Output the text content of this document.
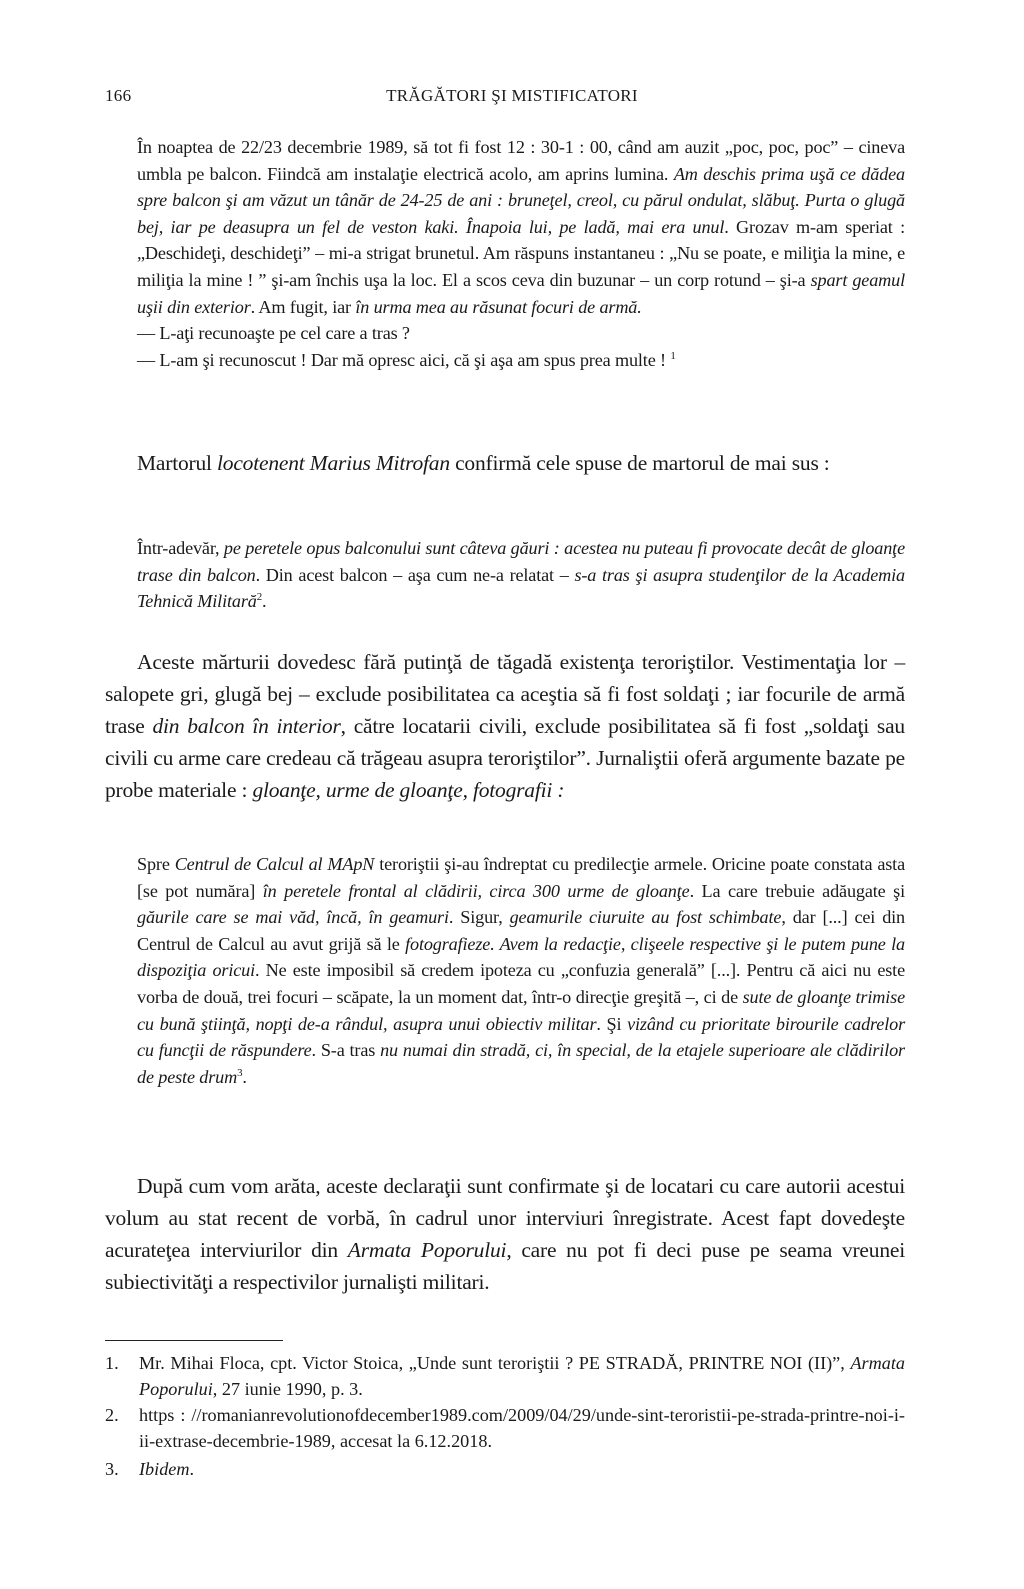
166	TRĂGĂTORI ŞI MISTIFICATORI

În noaptea de 22/23 decembrie 1989, să tot fi fost 12 : 30-1 : 00, când am auzit „poc, poc, poc” – cineva umbla pe balcon. Fiindcă am instalaţie electrică acolo, am aprins lumina. Am deschis prima uşă ce dădea spre balcon şi am văzut un tânăr de 24-25 de ani : bruneţel, creol, cu părul ondulat, slăbuţ. Purta o glugă bej, iar pe deasupra un fel de veston kaki. Înapoia lui, pe ladă, mai era unul. Grozav m-am speriat : „Deschideţi, deschideţi” – mi-a strigat brunetul. Am răspuns instantaneu : „Nu se poate, e miliţia la mine, e miliţia la mine ! ” şi-am închis uşa la loc. El a scos ceva din buzunar – un corp rotund – şi-a spart geamul uşii din exterior. Am fugit, iar în urma mea au răsunat focuri de armă.

— L-aţi recunoaşte pe cel care a tras ?

— L-am şi recunoscut ! Dar mă opresc aici, că şi aşa am spus prea multe ! $^1$

Martorul locotenent Marius Mitrofan confirmă cele spuse de martorul de mai sus :

Într-adevăr, pe peretele opus balconului sunt câteva găuri : acestea nu puteau fi provocate decât de gloanţe trase din balcon. Din acest balcon – aşa cum ne-a relatat – s-a tras şi asupra studenţilor de la Academia Tehnică Militară$^2$.

Aceste mărturii dovedesc fără putinţă de tăgadă existenţa teroriştilor. Vestimentaţia lor – salopete gri, glugă bej – exclude posibilitatea ca aceştia să fi fost soldaţi ; iar focurile de armă trase din balcon în interior, către locatarii civili, exclude posibilitatea să fi fost „soldaţi sau civili cu arme care credeau că trăgeau asupra teroriştilor”. Jurnaliştii oferă argumente bazate pe probe materiale : gloanţe, urme de gloanţe, fotografii :

Spre Centrul de Calcul al MApN teroriştii şi-au îndreptat cu predilecţie armele. Oricine poate constata asta [se pot număra] în peretele frontal al clădirii, circa 300 urme de gloanţe. La care trebuie adăugate şi găurile care se mai văd, încă, în geamuri. Sigur, geamurile ciuruite au fost schimbate, dar [...] cei din Centrul de Calcul au avut grijă să le fotografieze. Avem la redacţie, clişeele respective şi le putem pune la dispoziţia oricui. Ne este imposibil să credem ipoteza cu „confuzia generală” [...]. Pentru că aici nu este vorba de două, trei focuri – scăpate, la un moment dat, într-o direcţie greşită –, ci de sute de gloanţe trimise cu bună ştiinţă, nopţi de-a rândul, asupra unui obiectiv militar. Şi vizând cu prioritate birourile cadrelor cu funcţii de răspundere. S-a tras nu numai din stradă, ci, în special, de la etajele superioare ale clădirilor de peste drum$^3$.

După cum vom arăta, aceste declaraţii sunt confirmate şi de locatari cu care autorii acestui volum au stat recent de vorbă, în cadrul unor interviuri înregistrate. Acest fapt dovedeşte acurateţea interviurilor din Armata Poporului, care nu pot fi deci puse pe seama vreunei subiectivităţi a respectivilor jurnalişti militari.

1. Mr. Mihai Floca, cpt. Victor Stoica, „Unde sunt teroriştii ? PE STRADĂ, PRINTRE NOI (II)”, Armata Poporului, 27 iunie 1990, p. 3.
2. https : //romanianrevolutionofdecember1989.com/2009/04/29/unde-sint-teroristii-pe-strada-printre-noi-i-ii-extrase-decembrie-1989, accesat la 6.12.2018.
3. Ibidem.
